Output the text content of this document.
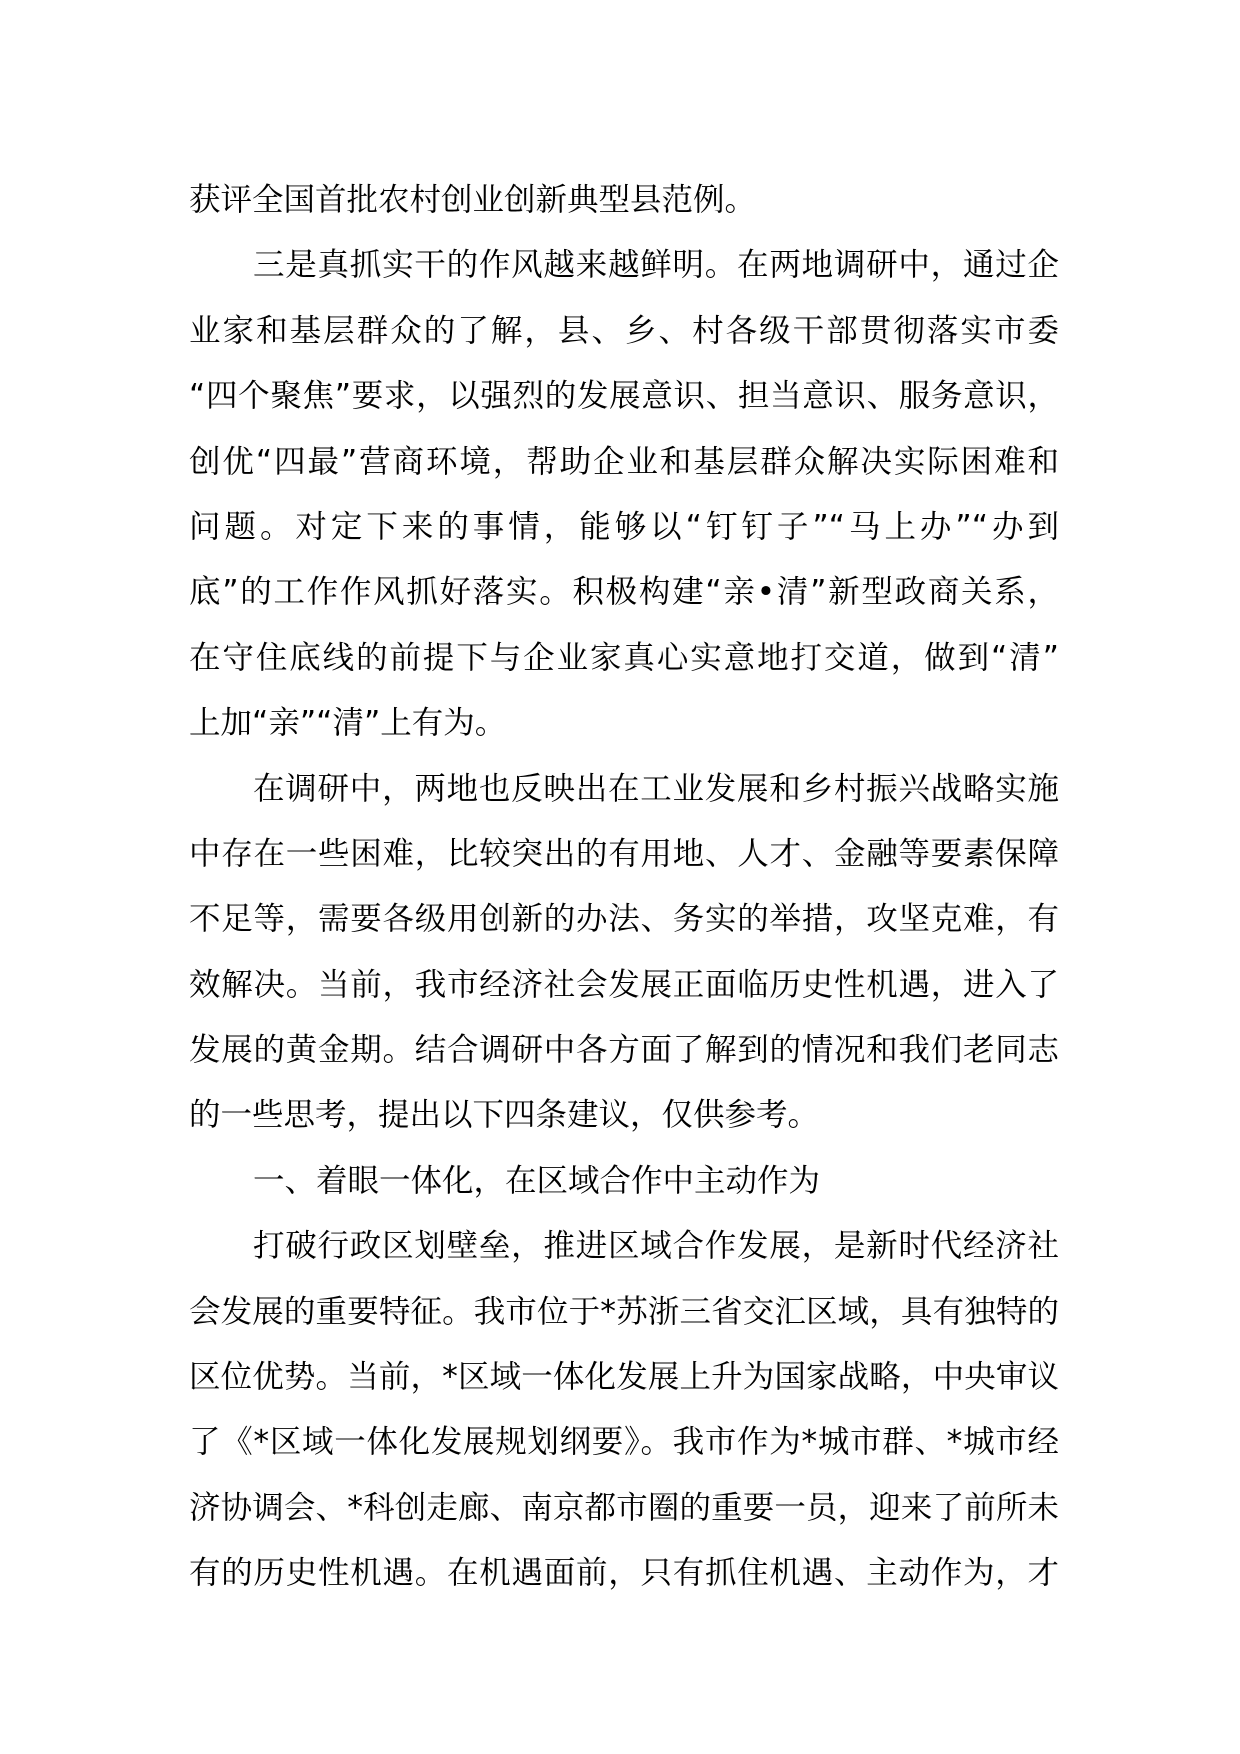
获评全国首批农村创业创新典型县范例。
三是真抓实干的作风越来越鲜明。在两地调研中，通过企
业家和基层群众的了解，县、乡、村各级干部贯彻落实市委
“四个聚焦”要求，以强烈的发展意识、担当意识、服务意识，
创优“四最”营商环境，帮助企业和基层群众解决实际困难和
问题。对定下来的事情，能够以“钉钉子”“马上办”“办到
底”的工作作风抓好落实。积极构建“亲•清”新型政商关系，
在守住底线的前提下与企业家真心实意地打交道，做到“清”
上加“亲”“清”上有为。
在调研中，两地也反映出在工业发展和乡村振兴战略实施
中存在一些困难，比较突出的有用地、人才、金融等要素保障
不足等，需要各级用创新的办法、务实的举措，攻坚克难，有
效解决。当前，我市经济社会发展正面临历史性机遇，进入了
发展的黄金期。结合调研中各方面了解到的情况和我们老同志
的一些思考，提出以下四条建议，仅供参考。
一、着眼一体化，在区域合作中主动作为
打破行政区划壁垒，推进区域合作发展，是新时代经济社
会发展的重要特征。我市位于*苏浙三省交汇区域，具有独特的
区位优势。当前，*区域一体化发展上升为国家战略，中央审议
了《*区域一体化发展规划纲要》。我市作为*城市群、*城市经
济协调会、*科创走廊、南京都市圈的重要一员，迎来了前所未
有的历史性机遇。在机遇面前，只有抓住机遇、主动作为，才
